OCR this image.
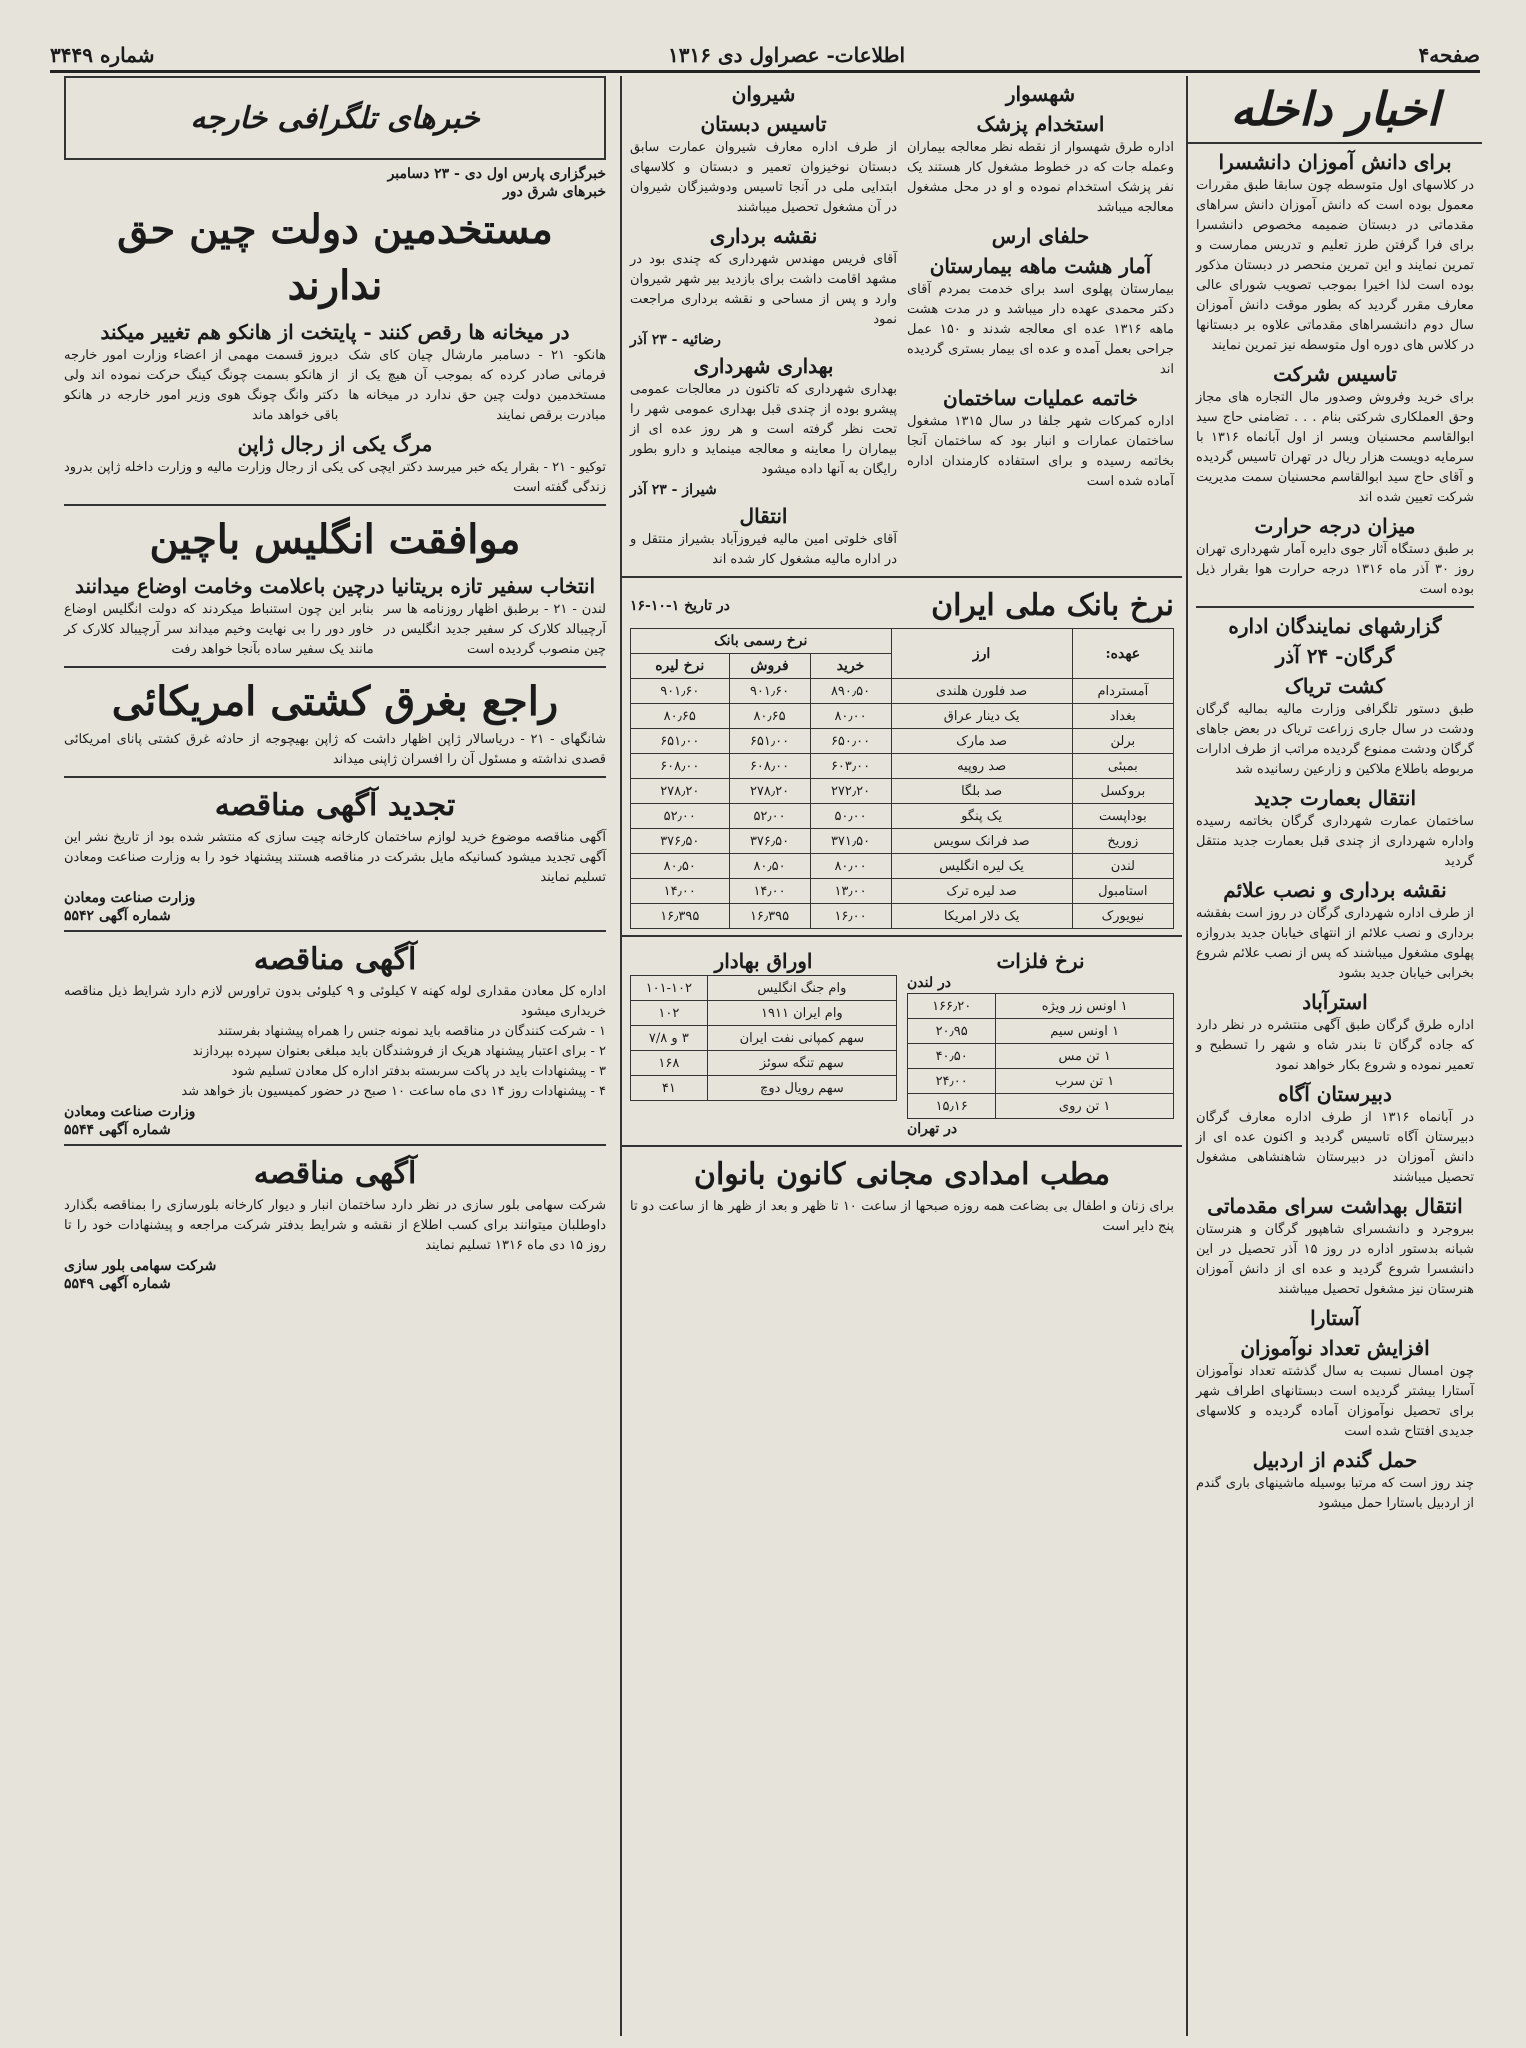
صفحه۴
اطلاعات- عصراول دی ۱۳۱۶
شماره ۳۴۴۹
اخبار داخله
برای دانش آموزان دانشسرا

در کلاسهای اول متوسطه چون سابقا طبق مقررات معمول بوده است که دانش آموزان دانش سراهای مقدماتی در دبستان ضمیمه مخصوص دانشسرا برای فرا گرفتن طرز تعلیم و تدریس ممارست و تمرین نمایند و این تمرین منحصر در دبستان مذکور بوده است لذا اخیرا بموجب تصویب شورای عالی معارف مقرر گردید که بطور موقت دانش آموزان سال دوم دانشسراهای مقدماتی علاوه بر دبستانها در کلاس های دوره اول متوسطه نیز تمرین نمایند

تاسیس شرکت

برای خرید وفروش وصدور مال التجاره های مجاز وحق العملکاری شرکتی بنام . . . تضامنی حاج سید ابوالقاسم محسنیان ویسر از اول آبانماه ۱۳۱۶ با سرمایه دویست هزار ریال در تهران تاسیس گردیده و آقای حاج سید ابوالقاسم محسنیان سمت مدیریت شرکت تعیین شده اند

میزان درجه حرارت

بر طبق دستگاه آثار جوی دایره آمار شهرداری تهران روز ۳۰ آذر ماه ۱۳۱۶ درجه حرارت هوا بقرار ذیل بوده است

گزارشهای نمایندگان اداره
گرگان- ۲۴ آذر
کشت تریاک

طبق دستور تلگرافی وزارت مالیه بمالیه گرگان ودشت در سال جاری زراعت تریاک در بعض جاهای گرگان ودشت ممنوع گردیده مراتب از طرف ادارات مربوطه باطلاع ملاکین و زارعین رسانیده شد

انتقال بعمارت جدید

ساختمان عمارت شهرداری گرگان بخاتمه رسیده واداره شهرداری از چندی قبل بعمارت جدید منتقل گردید

نقشه برداری و نصب علائم

از طرف اداره شهرداری گرگان در روز است بفقشه برداری و نصب علائم از انتهای خیابان جدید بدروازه پهلوی مشغول میباشند که پس از نصب علائم شروع بخرابی خیابان جدید بشود

استرآباد

اداره طرق گرگان طبق آگهی منتشره در نظر دارد که جاده گرگان تا بندر شاه و شهر را تسطیح و تعمیر نموده و شروع بکار خواهد نمود

دبیرستان آگاه

در آبانماه ۱۳۱۶ از طرف اداره معارف گرگان دبیرستان آگاه تاسیس گردید و اکنون عده ای از دانش آموزان در دبیرستان شاهنشاهی مشغول تحصیل میباشند

انتقال بهداشت سرای مقدماتی

ببروجرد و دانشسرای شاهپور گرگان و هنرستان شبانه بدستور اداره در روز ۱۵ آذر تحصیل در این دانشسرا شروع گردید و عده ای از دانش آموزان هنرستان نیز مشغول تحصیل میباشند

آستارا
افزایش تعداد نوآموزان

چون امسال نسبت به سال گذشته تعداد نوآموزان آستارا بیشتر گردیده است دبستانهای اطراف شهر برای تحصیل نوآموزان آماده گردیده و کلاسهای جدیدی افتتاح شده است

حمل گندم از اردبیل

چند روز است که مرتبا بوسیله ماشینهای باری گندم از اردبیل باستارا حمل میشود

شهسوار
استخدام پزشک

اداره طرق شهسوار از نقطه نظر معالجه بیماران وعمله جات که در خطوط مشغول کار هستند یک نفر پزشک استخدام نموده و او در محل مشغول معالجه میباشد

حلفای ارس
آمار هشت ماهه بیمارستان

بیمارستان پهلوی اسد برای خدمت بمردم آقای دکتر محمدی عهده دار میباشد و در مدت هشت ماهه ۱۳۱۶ عده ای معالجه شدند و ۱۵۰ عمل جراحی بعمل آمده و عده ای بیمار بستری گردیده اند

خاتمه عملیات ساختمان

اداره کمرکات شهر جلفا در سال ۱۳۱۵ مشغول ساختمان عمارات و انبار بود که ساختمان آنجا بخاتمه رسیده و برای استفاده کارمندان اداره آماده شده است

شیروان
تاسیس دبستان

از طرف اداره معارف شیروان عمارت سابق دبستان نوخیزوان تعمیر و دبستان و کلاسهای ابتدایی ملی در آنجا تاسیس ودوشیزگان شیروان در آن مشغول تحصیل میباشند

نقشه برداری

آقای فریس مهندس شهرداری که چندی بود در مشهد اقامت داشت برای بازدید بیر شهر شیروان وارد و پس از مساحی و نقشه برداری مراجعت نمود

رضائیه - ۲۳ آذر
بهداری شهرداری

بهداری شهرداری که تاکنون در معالجات عمومی پیشرو بوده از چندی قبل بهداری عمومی شهر را تحت نظر گرفته است و هر روز عده ای از بیماران را معاینه و معالجه مینماید و دارو بطور رایگان به آنها داده میشود

شیراز - ۲۳ آذر
انتقال

آقای خلوتی امین مالیه فیروزآباد بشیراز منتقل و در اداره مالیه مشغول کار شده اند

نرخ بانک ملی ایران
در تاریخ ۱-۱۰-۱۶
عهده:	ارز	نرخ رسمی بانک		
		خرید	فروش	نرخ لیره
آمستردام	صد فلورن هلندی	۸۹۰٫۵۰	۹۰۱٫۶۰	۹۰۱٫۶۰
بغداد	یک دینار عراق	۸۰٫۰۰	۸۰٫۶۵	۸۰٫۶۵
برلن	صد مارک	۶۵۰٫۰۰	۶۵۱٫۰۰	۶۵۱٫۰۰
بمبئی	صد روپیه	۶۰۳٫۰۰	۶۰۸٫۰۰	۶۰۸٫۰۰
بروکسل	صد بلگا	۲۷۲٫۲۰	۲۷۸٫۲۰	۲۷۸٫۲۰
بوداپست	یک پنگو	۵۰٫۰۰	۵۲٫۰۰	۵۲٫۰۰
زوریخ	صد فرانک سویس	۳۷۱٫۵۰	۳۷۶٫۵۰	۳۷۶٫۵۰
لندن	یک لیره انگلیس	۸۰٫۰۰	۸۰٫۵۰	۸۰٫۵۰
استامبول	صد لیره ترک	۱۳٫۰۰	۱۴٫۰۰	۱۴٫۰۰
نیویورک	یک دلار امریکا	۱۶٫۰۰	۱۶٫۳۹۵	۱۶٫۳۹۵
نرخ فلزات
در لندن
۱ اونس زر ویژه	۱۶۶٫۲۰
۱ اونس سیم	۲۰٫۹۵
۱ تن مس	۴۰٫۵۰
۱ تن سرب	۲۴٫۰۰
۱ تن روی	۱۵٫۱۶
در تهران
اوراق بهادار
وام جنگ انگلیس	۱۰۱-۱۰۲
وام ایران ۱۹۱۱	۱۰۲
سهم کمپانی نفت ایران	۳ و ۷/۸
سهم تنگه سوئز	۱۶۸
سهم رویال دوچ	۴۱
مطب امدادی مجانی کانون بانوان

برای زنان و اطفال بی بضاعت همه روزه صبحها از ساعت ۱۰ تا ظهر و بعد از ظهر ها از ساعت دو تا پنج دایر است

خبرهای تلگرافی خارجه
خبرگزاری پارس اول دی - ۲۳ دسامبر
خبرهای شرق دور
مستخدمین دولت چین حق ندارند
در میخانه ها رقص کنند - پایتخت از هانکو هم تغییر میکند

هانکو- ۲۱ - دسامبر مارشال چیان کای شک فرمانی صادر کرده که بموجب آن هیچ یک از مستخدمین دولت چین حق ندارد در میخانه ها مبادرت برقص نمایند

دیروز قسمت مهمی از اعضاء وزارت امور خارجه از هانکو بسمت چونگ کینگ حرکت نموده اند ولی دکتر وانگ چونگ هوی وزیر امور خارجه در هانکو باقی خواهد ماند

مرگ یکی از رجال ژاپن

توکیو - ۲۱ - بقرار یکه خبر میرسد دکتر ایچی کی یکی از رجال وزارت مالیه و وزارت داخله ژاپن بدرود زندگی گفته است

موافقت انگلیس باچین
انتخاب سفیر تازه بریتانیا درچین باعلامت وخامت اوضاع میدانند

لندن - ۲۱ - برطبق اظهار روزنامه ها سر آرچیبالد کلارک کر سفیر جدید انگلیس در چین منصوب گردیده است

بنابر این چون استنباط میکردند که دولت انگلیس اوضاع خاور دور را بی نهایت وخیم میداند سر آرچیبالد کلارک کر مانند یک سفیر ساده بآنجا خواهد رفت

راجع بغرق کشتی امریکائی

شانگهای - ۲۱ - دریاسالار ژاپن اظهار داشت که ژاپن بهیچوجه از حادثه غرق کشتی پانای امریکائی قصدی نداشته و مسئول آن را افسران ژاپنی میداند

تجدید آگهی مناقصه

آگهی مناقصه موضوع خرید لوازم ساختمان کارخانه چیت سازی که منتشر شده بود از تاریخ نشر این آگهی تجدید میشود کسانیکه مایل بشرکت در مناقصه هستند پیشنهاد خود را به وزارت صناعت ومعادن تسلیم نمایند

وزارت صناعت ومعادن
شماره آگهی ۵۵۴۲
آگهی مناقصه

اداره کل معادن مقداری لوله کهنه ۷ کیلوئی و ۹ کیلوئی بدون تراورس لازم دارد شرایط ذیل مناقصه خریداری میشود

۱ - شرکت کنندگان در مناقصه باید نمونه جنس را همراه پیشنهاد بفرستند

۲ - برای اعتبار پیشنهاد هریک از فروشندگان باید مبلغی بعنوان سپرده بپردازند

۳ - پیشنهادات باید در پاکت سربسته بدفتر اداره کل معادن تسلیم شود

۴ - پیشنهادات روز ۱۴ دی ماه ساعت ۱۰ صبح در حضور کمیسیون باز خواهد شد

وزارت صناعت ومعادن
شماره آگهی ۵۵۴۴
آگهی مناقصه

شرکت سهامی بلور سازی در نظر دارد ساختمان انبار و دیوار کارخانه بلورسازی را بمناقصه بگذارد داوطلبان میتوانند برای کسب اطلاع از نقشه و شرایط بدفتر شرکت مراجعه و پیشنهادات خود را تا روز ۱۵ دی ماه ۱۳۱۶ تسلیم نمایند

شرکت سهامی بلور سازی
شماره آگهی ۵۵۴۹
